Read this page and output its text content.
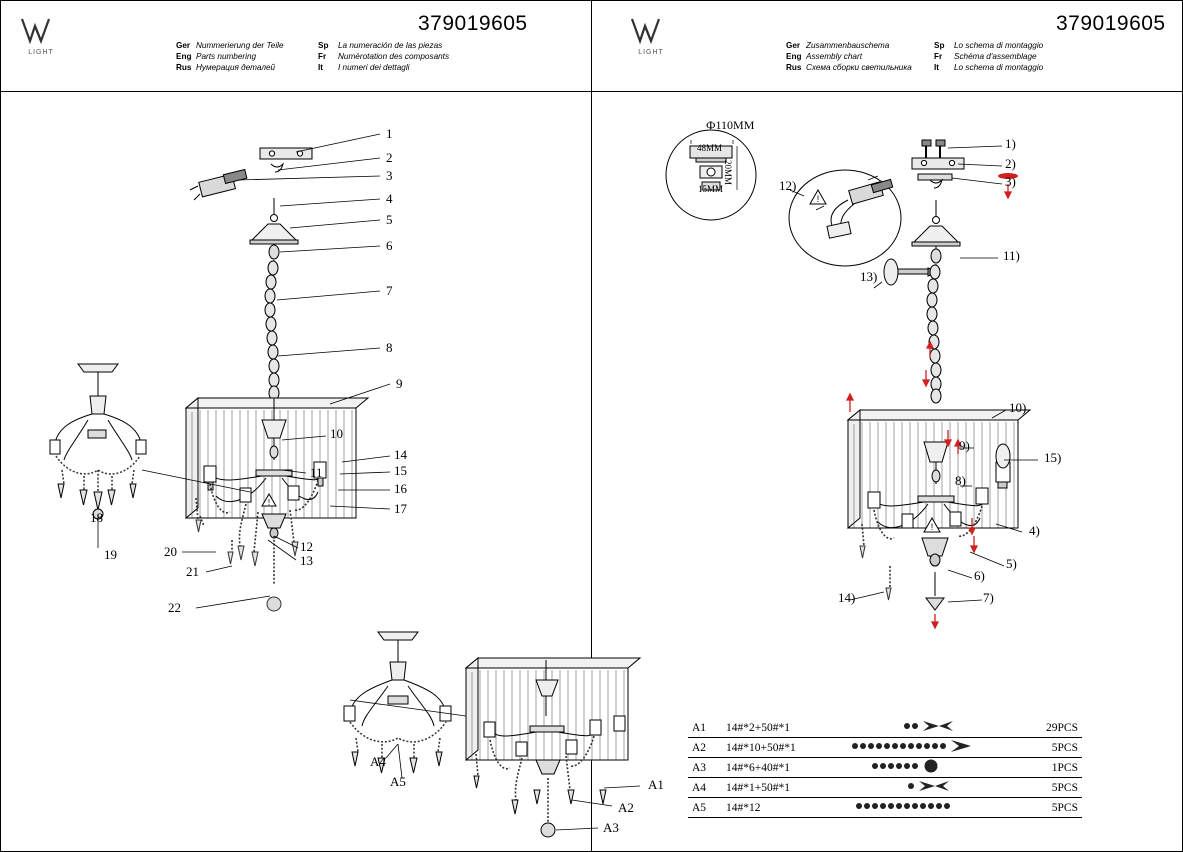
LIGHT
379019605
Ger Nummerierung der Teile
Eng Parts numbering
Rus Нумерация деталей
Sp La numeración de las piezas
Fr Numérotation des composants
It I numeri dei dettagli
LIGHT
379019605
Ger Zusammenbauschema
Eng Assembly chart
Rus Схема сборки светильника
Sp Lo schema di montaggio
Fr Schéma d'assemblage
It Lo schema di montaggio
!
1
2
3
4
5
6
7
8
9
10
11
12
13
14
15
16
17
18
19	20
21
22
A4
A5	A1
A2
A3
!
!
1)
2)
3)
12)
13)
11)
10)
9)
15)
8)
4)
5)
6)
7)
14)
Ф110MM
48MM
15MM
20MM
A1	14#*2+50#*1		29PCS
A2	14#*10+50#*1		5PCS
A3	14#*6+40#*1		1PCS
A4	14#*1+50#*1		5PCS
A5	14#*12		5PCS
